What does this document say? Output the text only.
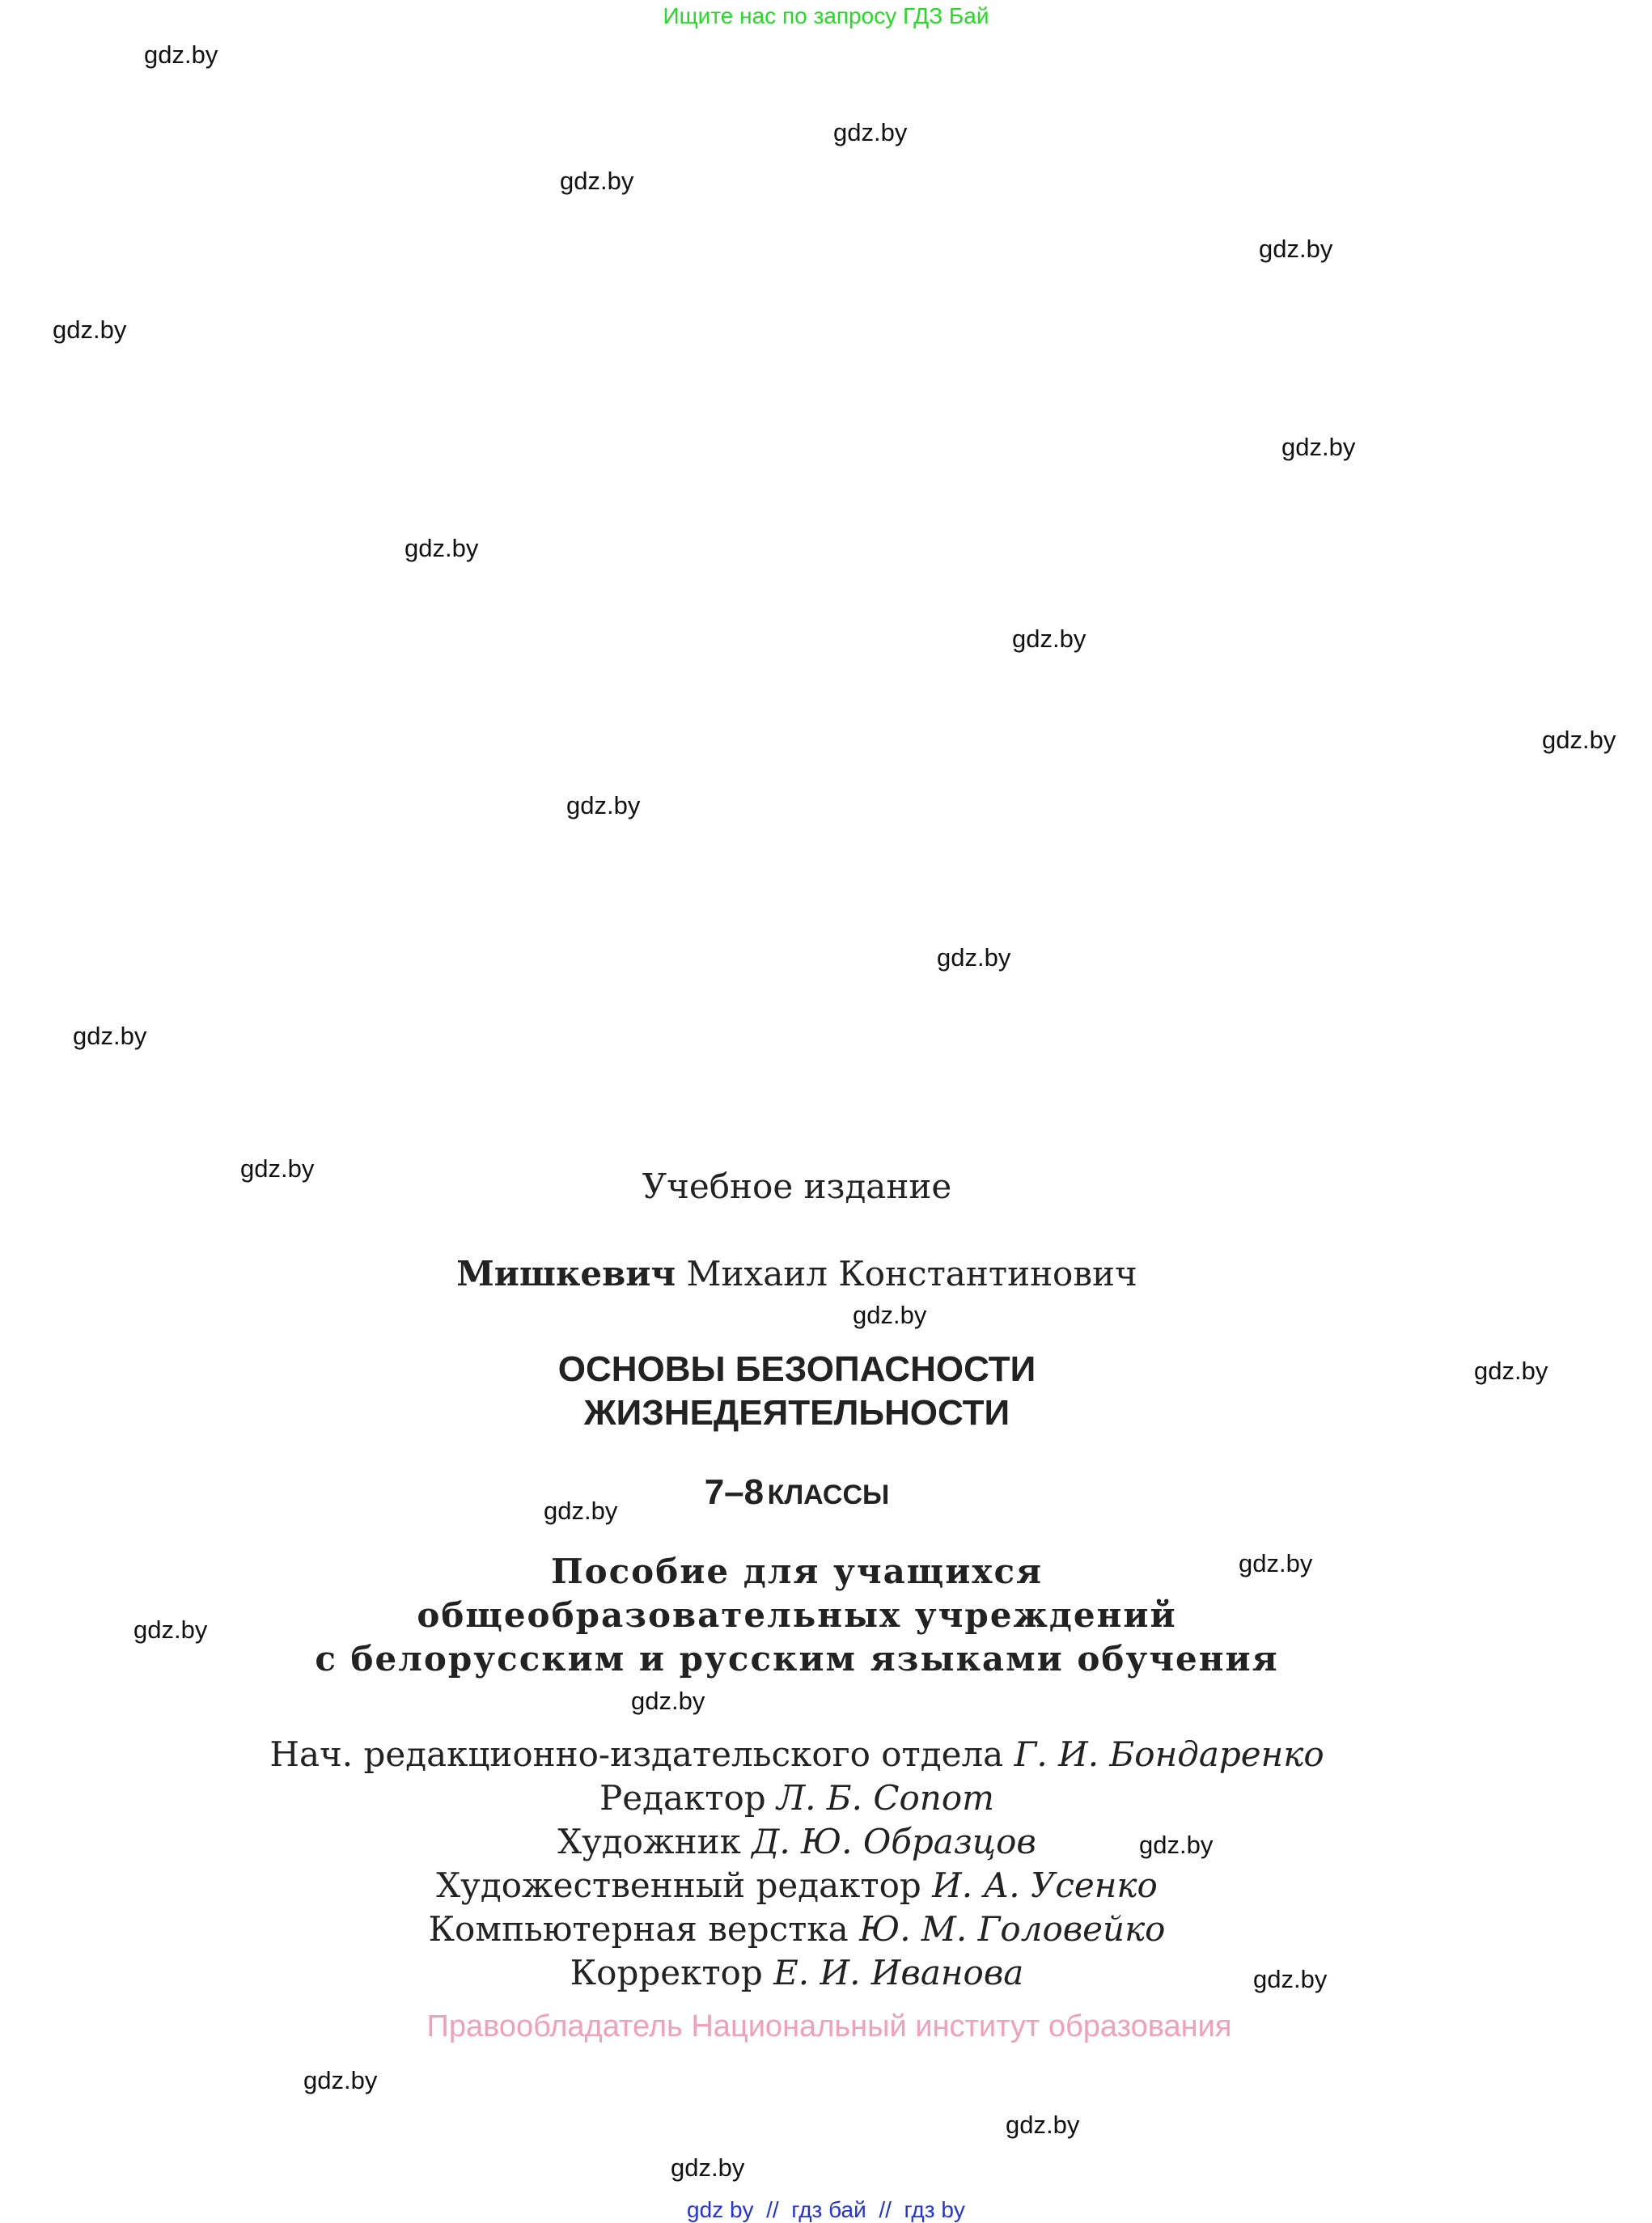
Ищите нас по запросу ГДЗ Бай
gdz.by
gdz.by
gdz.by
gdz.by
gdz.by
gdz.by
gdz.by
gdz.by
gdz.by
gdz.by
gdz.by
gdz.by
gdz.by
gdz.by
gdz.by
gdz.by
gdz.by
gdz.by
gdz.by
gdz.by
gdz.by
gdz.by
gdz.by
gdz.by
Учебное издание
Мишкевич Михаил Константинович
ОСНОВЫ БЕЗОПАСНОСТИ
ЖИЗНЕДЕЯТЕЛЬНОСТИ
7–8 КЛАССЫ
Пособие для учащихся
общеобразовательных учреждений
с белорусским и русским языками обучения
Нач. редакционно-издательского отдела Г. И. Бондаренко
Редактор Л. Б. Сопот
Художник Д. Ю. Образцов
Художественный редактор И. А. Усенко
Компьютерная верстка Ю. М. Головейко
Корректор Е. И. Иванова
Правообладатель Национальный институт образования
gdz by // гдз бай // гдз by
